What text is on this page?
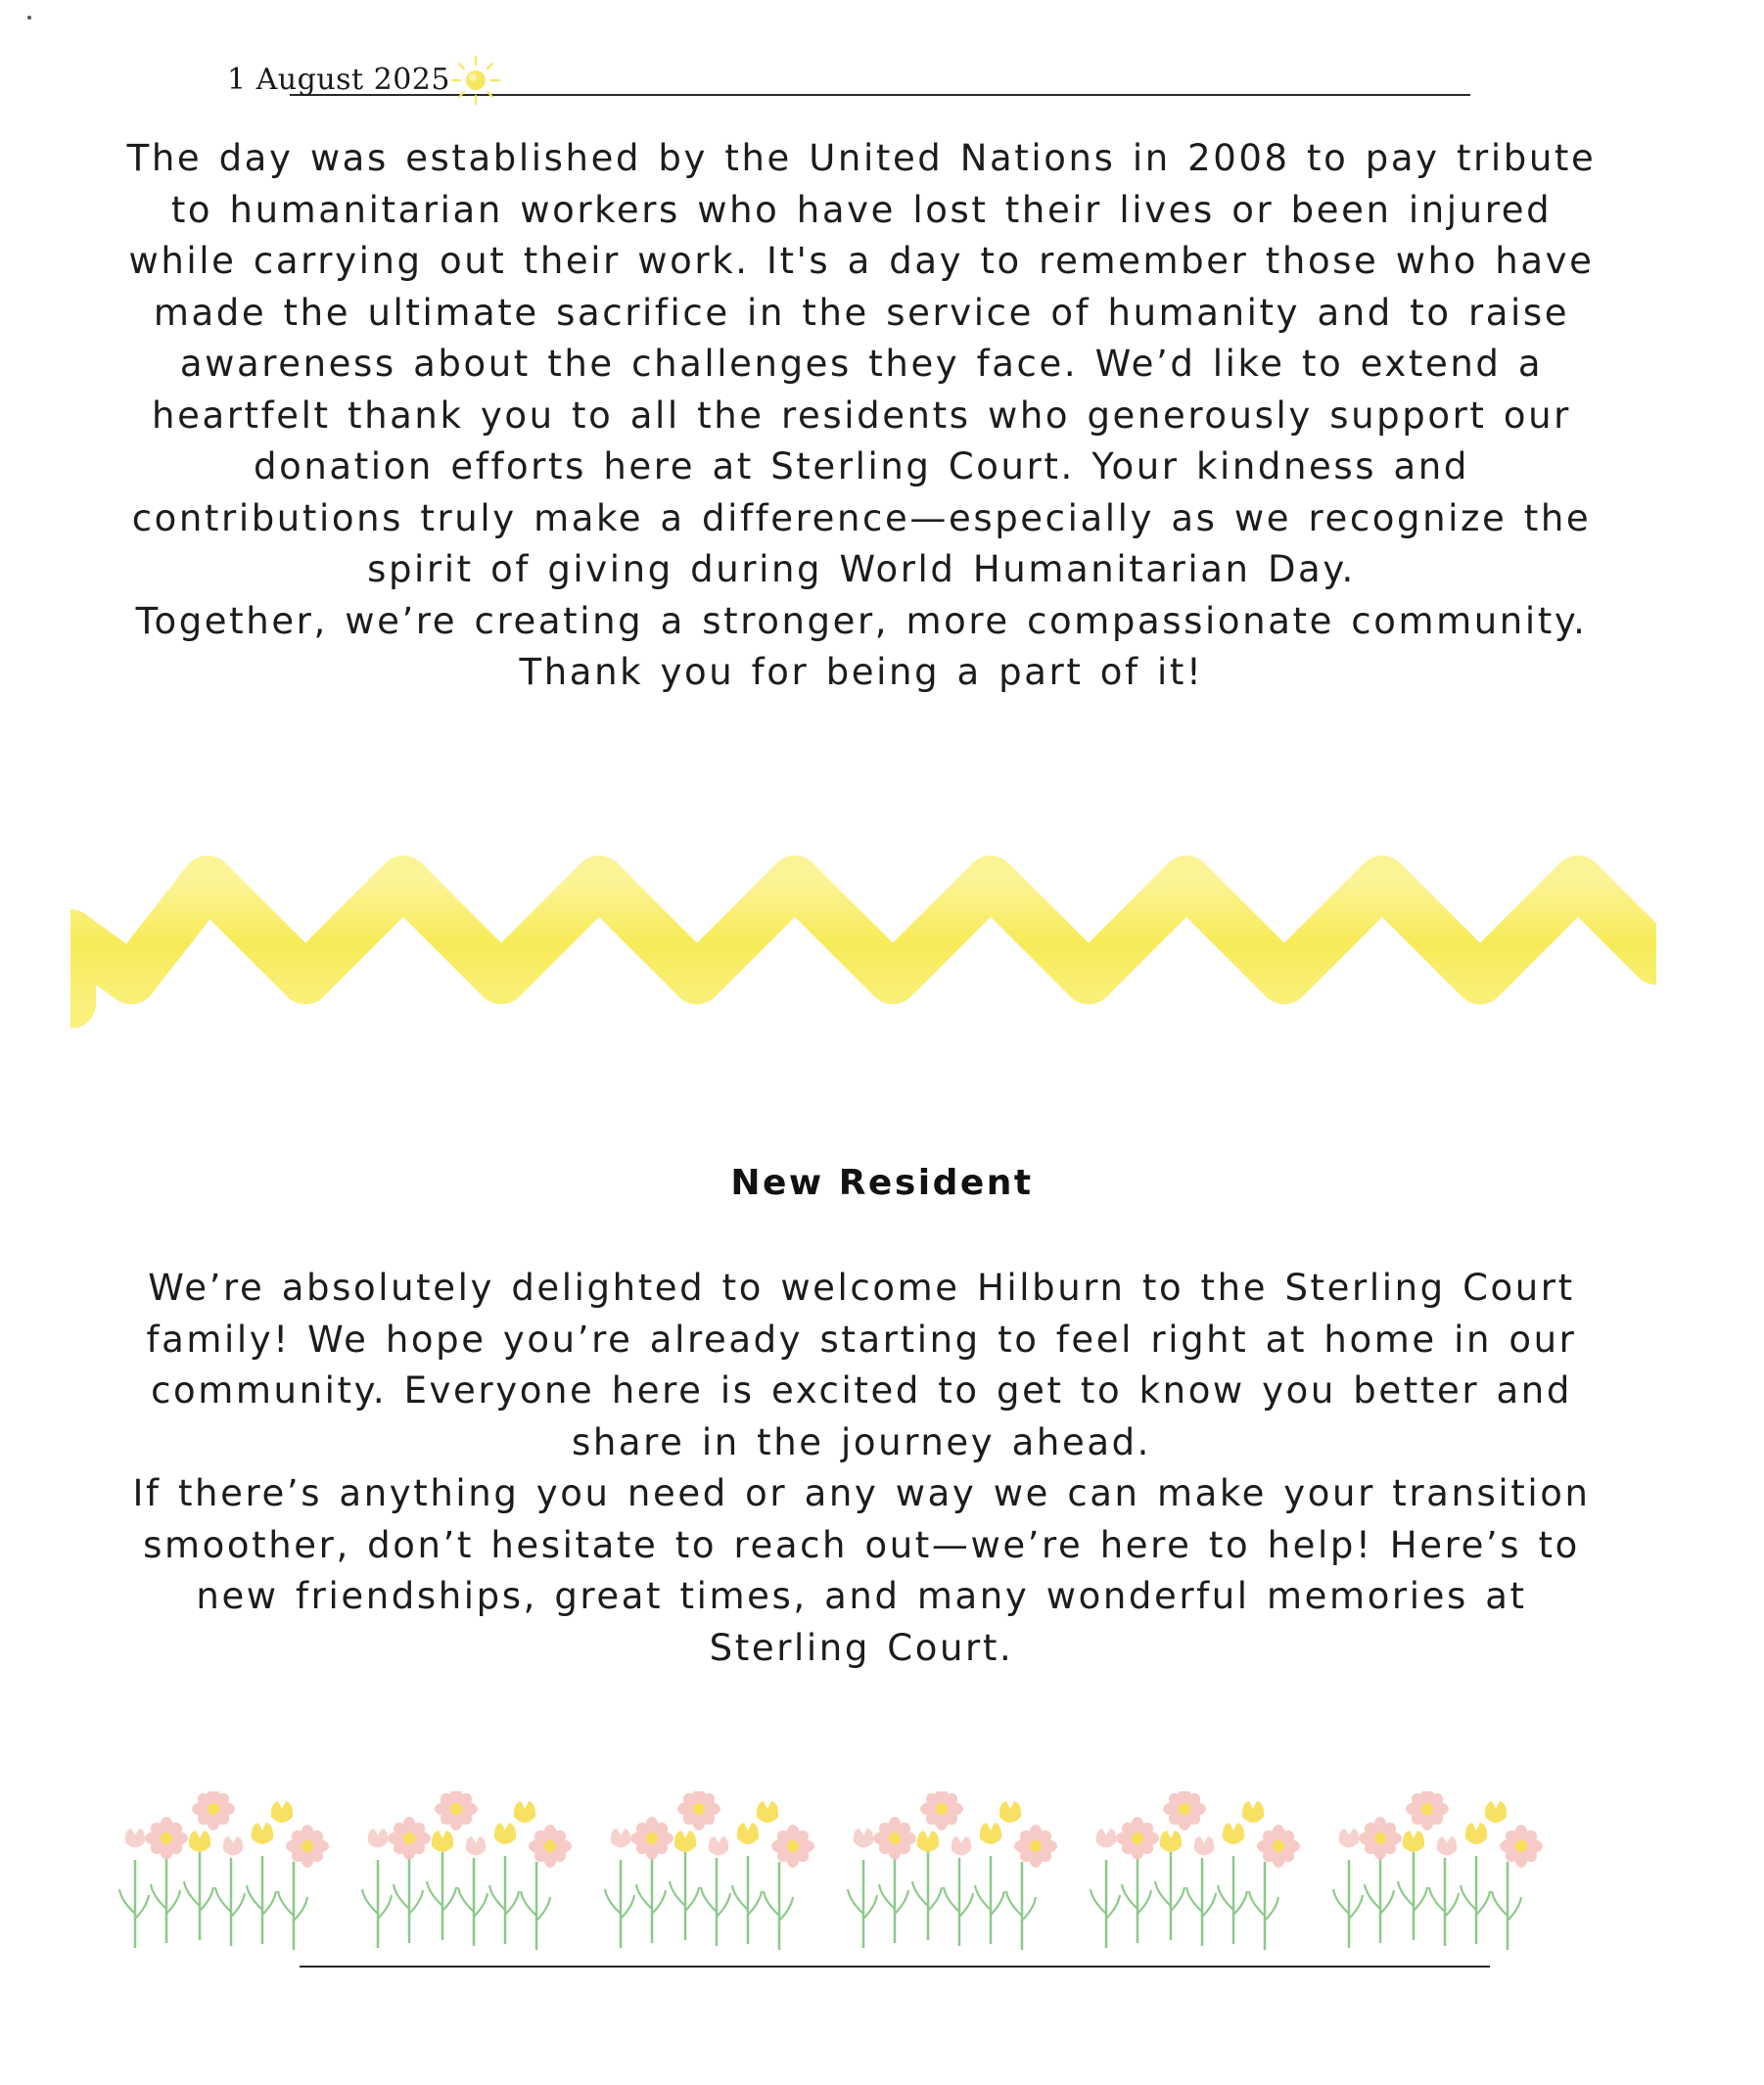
1 August 2025

The day was established by the United Nations in 2008 to pay tribute
to humanitarian workers who have lost their lives or been injured
while carrying out their work. It's a day to remember those who have
made the ultimate sacrifice in the service of humanity and to raise
awareness about the challenges they face. We’d like to extend a
heartfelt thank you to all the residents who generously support our
donation efforts here at Sterling Court. Your kindness and
contributions truly make a difference—especially as we recognize the
spirit of giving during World Humanitarian Day.
Together, we’re creating a stronger, more compassionate community.
Thank you for being a part of it!

New Resident

We’re absolutely delighted to welcome Hilburn to the Sterling Court
family! We hope you’re already starting to feel right at home in our
community. Everyone here is excited to get to know you better and
share in the journey ahead.
If there’s anything you need or any way we can make your transition
smoother, don’t hesitate to reach out—we’re here to help! Here’s to
new friendships, great times, and many wonderful memories at
Sterling Court.
